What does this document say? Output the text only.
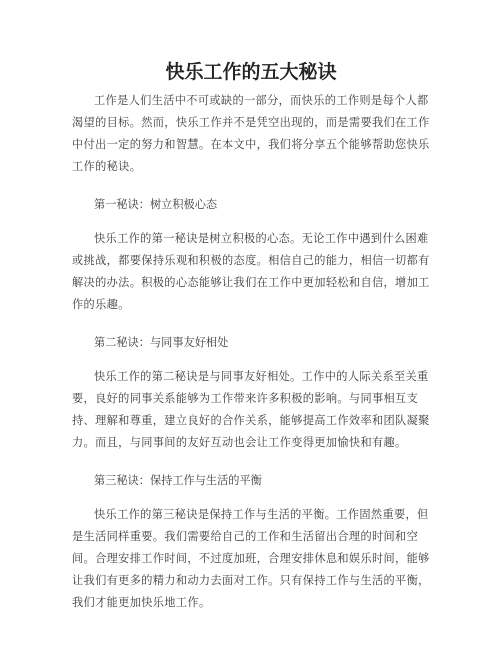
快乐工作的五大秘诀

工作是人们生活中不可或缺的一部分，而快乐的工作则是每个人都渴望的目标。然而，快乐工作并不是凭空出现的，而是需要我们在工作中付出一定的努力和智慧。在本文中，我们将分享五个能够帮助您快乐工作的秘诀。

第一秘诀：树立积极心态

快乐工作的第一秘诀是树立积极的心态。无论工作中遇到什么困难或挑战，都要保持乐观和积极的态度。相信自己的能力，相信一切都有解决的办法。积极的心态能够让我们在工作中更加轻松和自信，增加工作的乐趣。

第二秘诀：与同事友好相处

快乐工作的第二秘诀是与同事友好相处。工作中的人际关系至关重要，良好的同事关系能够为工作带来许多积极的影响。与同事相互支持、理解和尊重，建立良好的合作关系，能够提高工作效率和团队凝聚力。而且，与同事间的友好互动也会让工作变得更加愉快和有趣。

第三秘诀：保持工作与生活的平衡

快乐工作的第三秘诀是保持工作与生活的平衡。工作固然重要，但是生活同样重要。我们需要给自己的工作和生活留出合理的时间和空间。合理安排工作时间，不过度加班，合理安排休息和娱乐时间，能够让我们有更多的精力和动力去面对工作。只有保持工作与生活的平衡，我们才能更加快乐地工作。
